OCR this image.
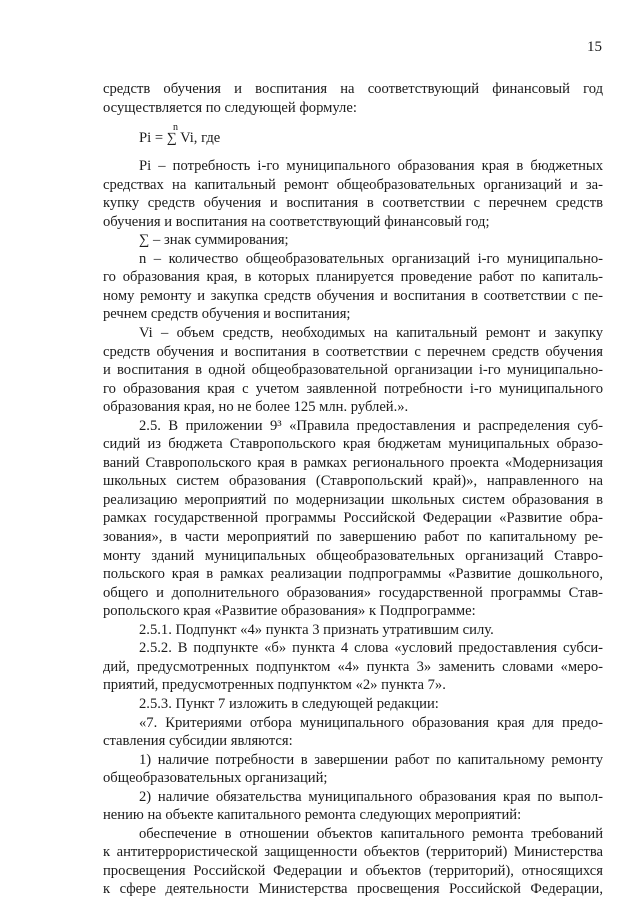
15
средств обучения и воспитания на соответствующий финансовый год
осуществляется по следующей формуле:
Pi = ∑
n
Vi, где
Pi – потребность i-го муниципального образования края в бюджетных
средствах на капитальный ремонт общеобразовательных организаций и за-
купку средств обучения и воспитания в соответствии с перечнем средств
обучения и воспитания на соответствующий финансовый год;
∑ – знак суммирования;
n – количество общеобразовательных организаций i-го муниципально-
го образования края, в которых планируется проведение работ по капиталь-
ному ремонту и закупка средств обучения и воспитания в соответствии с пе-
речнем средств обучения и воспитания;
Vi – объем средств, необходимых на капитальный ремонт и закупку
средств обучения и воспитания в соответствии с перечнем средств обучения
и воспитания в одной общеобразовательной организации i-го муниципально-
го образования края с учетом заявленной потребности i-го муниципального
образования края, но не более 125 млн. рублей.».
2.5. В приложении 9³ «Правила предоставления и распределения суб-
сидий из бюджета Ставропольского края бюджетам муниципальных образо-
ваний Ставропольского края в рамках регионального проекта «Модернизация
школьных систем образования (Ставропольский край)», направленного на
реализацию мероприятий по модернизации школьных систем образования в
рамках государственной программы Российской Федерации «Развитие обра-
зования», в части мероприятий по завершению работ по капитальному ре-
монту зданий муниципальных общеобразовательных организаций Ставро-
польского края в рамках реализации подпрограммы «Развитие дошкольного,
общего и дополнительного образования» государственной программы Став-
ропольского края «Развитие образования» к Подпрограмме:
2.5.1. Подпункт «4» пункта 3 признать утратившим силу.
2.5.2. В подпункте «б» пункта 4 слова «условий предоставления субси-
дий, предусмотренных подпунктом «4» пункта 3» заменить словами «меро-
приятий, предусмотренных подпунктом «2» пункта 7».
2.5.3. Пункт 7 изложить в следующей редакции:
«7. Критериями отбора муниципального образования края для предо-
ставления субсидии являются:
1) наличие потребности в завершении работ по капитальному ремонту
общеобразовательных организаций;
2) наличие обязательства муниципального образования края по выпол-
нению на объекте капитального ремонта следующих мероприятий:
обеспечение в отношении объектов капитального ремонта требований
к антитеррористической защищенности объектов (территорий) Министерства
просвещения Российской Федерации и объектов (территорий), относящихся
к сфере деятельности Министерства просвещения Российской Федерации,
